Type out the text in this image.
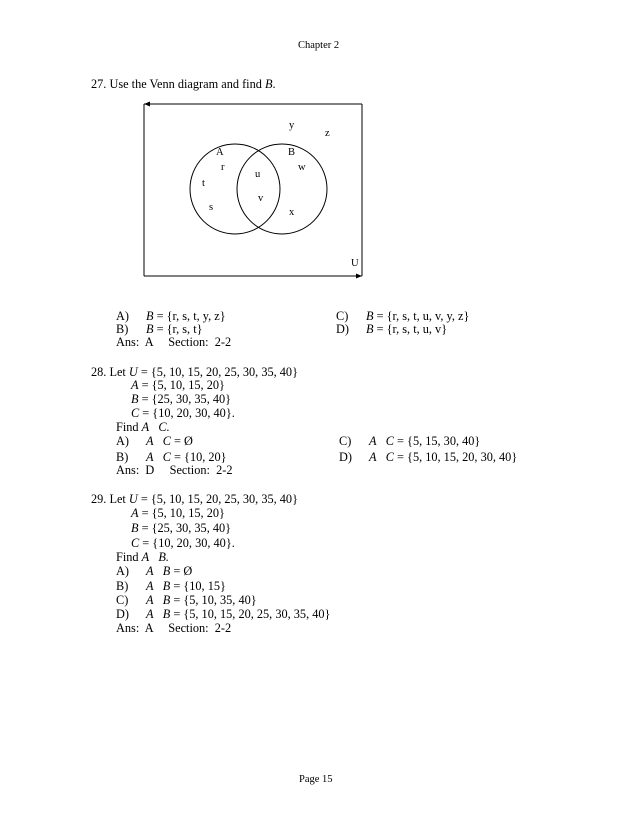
Chapter 2
27. Use the Venn diagram and find B.
A	B
U
r
t
s
u
v
w
x
y
z
A) B = {r, s, t, y, z}
B) B = {r, s, t}
C) B = {r, s, t, u, v, y, z}
D) B = {r, s, t, u, v}
Ans:  A     Section:  2-2
28. Let U = {5, 10, 15, 20, 25, 30, 35, 40}
A = {5, 10, 15, 20}
B = {25, 30, 35, 40}
C = {10, 20, 30, 40}.
Find A C.
A) A C = Ø
B) A C = {10, 20}
C) A C = {5, 15, 30, 40}
D) A C = {5, 10, 15, 20, 30, 40}
Ans:  D     Section:  2-2
29. Let U = {5, 10, 15, 20, 25, 30, 35, 40}
A = {5, 10, 15, 20}
B = {25, 30, 35, 40}
C = {10, 20, 30, 40}.
Find A B.
A) A B = Ø
B) A B = {10, 15}
C) A B = {5, 10, 35, 40}
D) A B = {5, 10, 15, 20, 25, 30, 35, 40}
Ans:  A     Section:  2-2
Page 15
